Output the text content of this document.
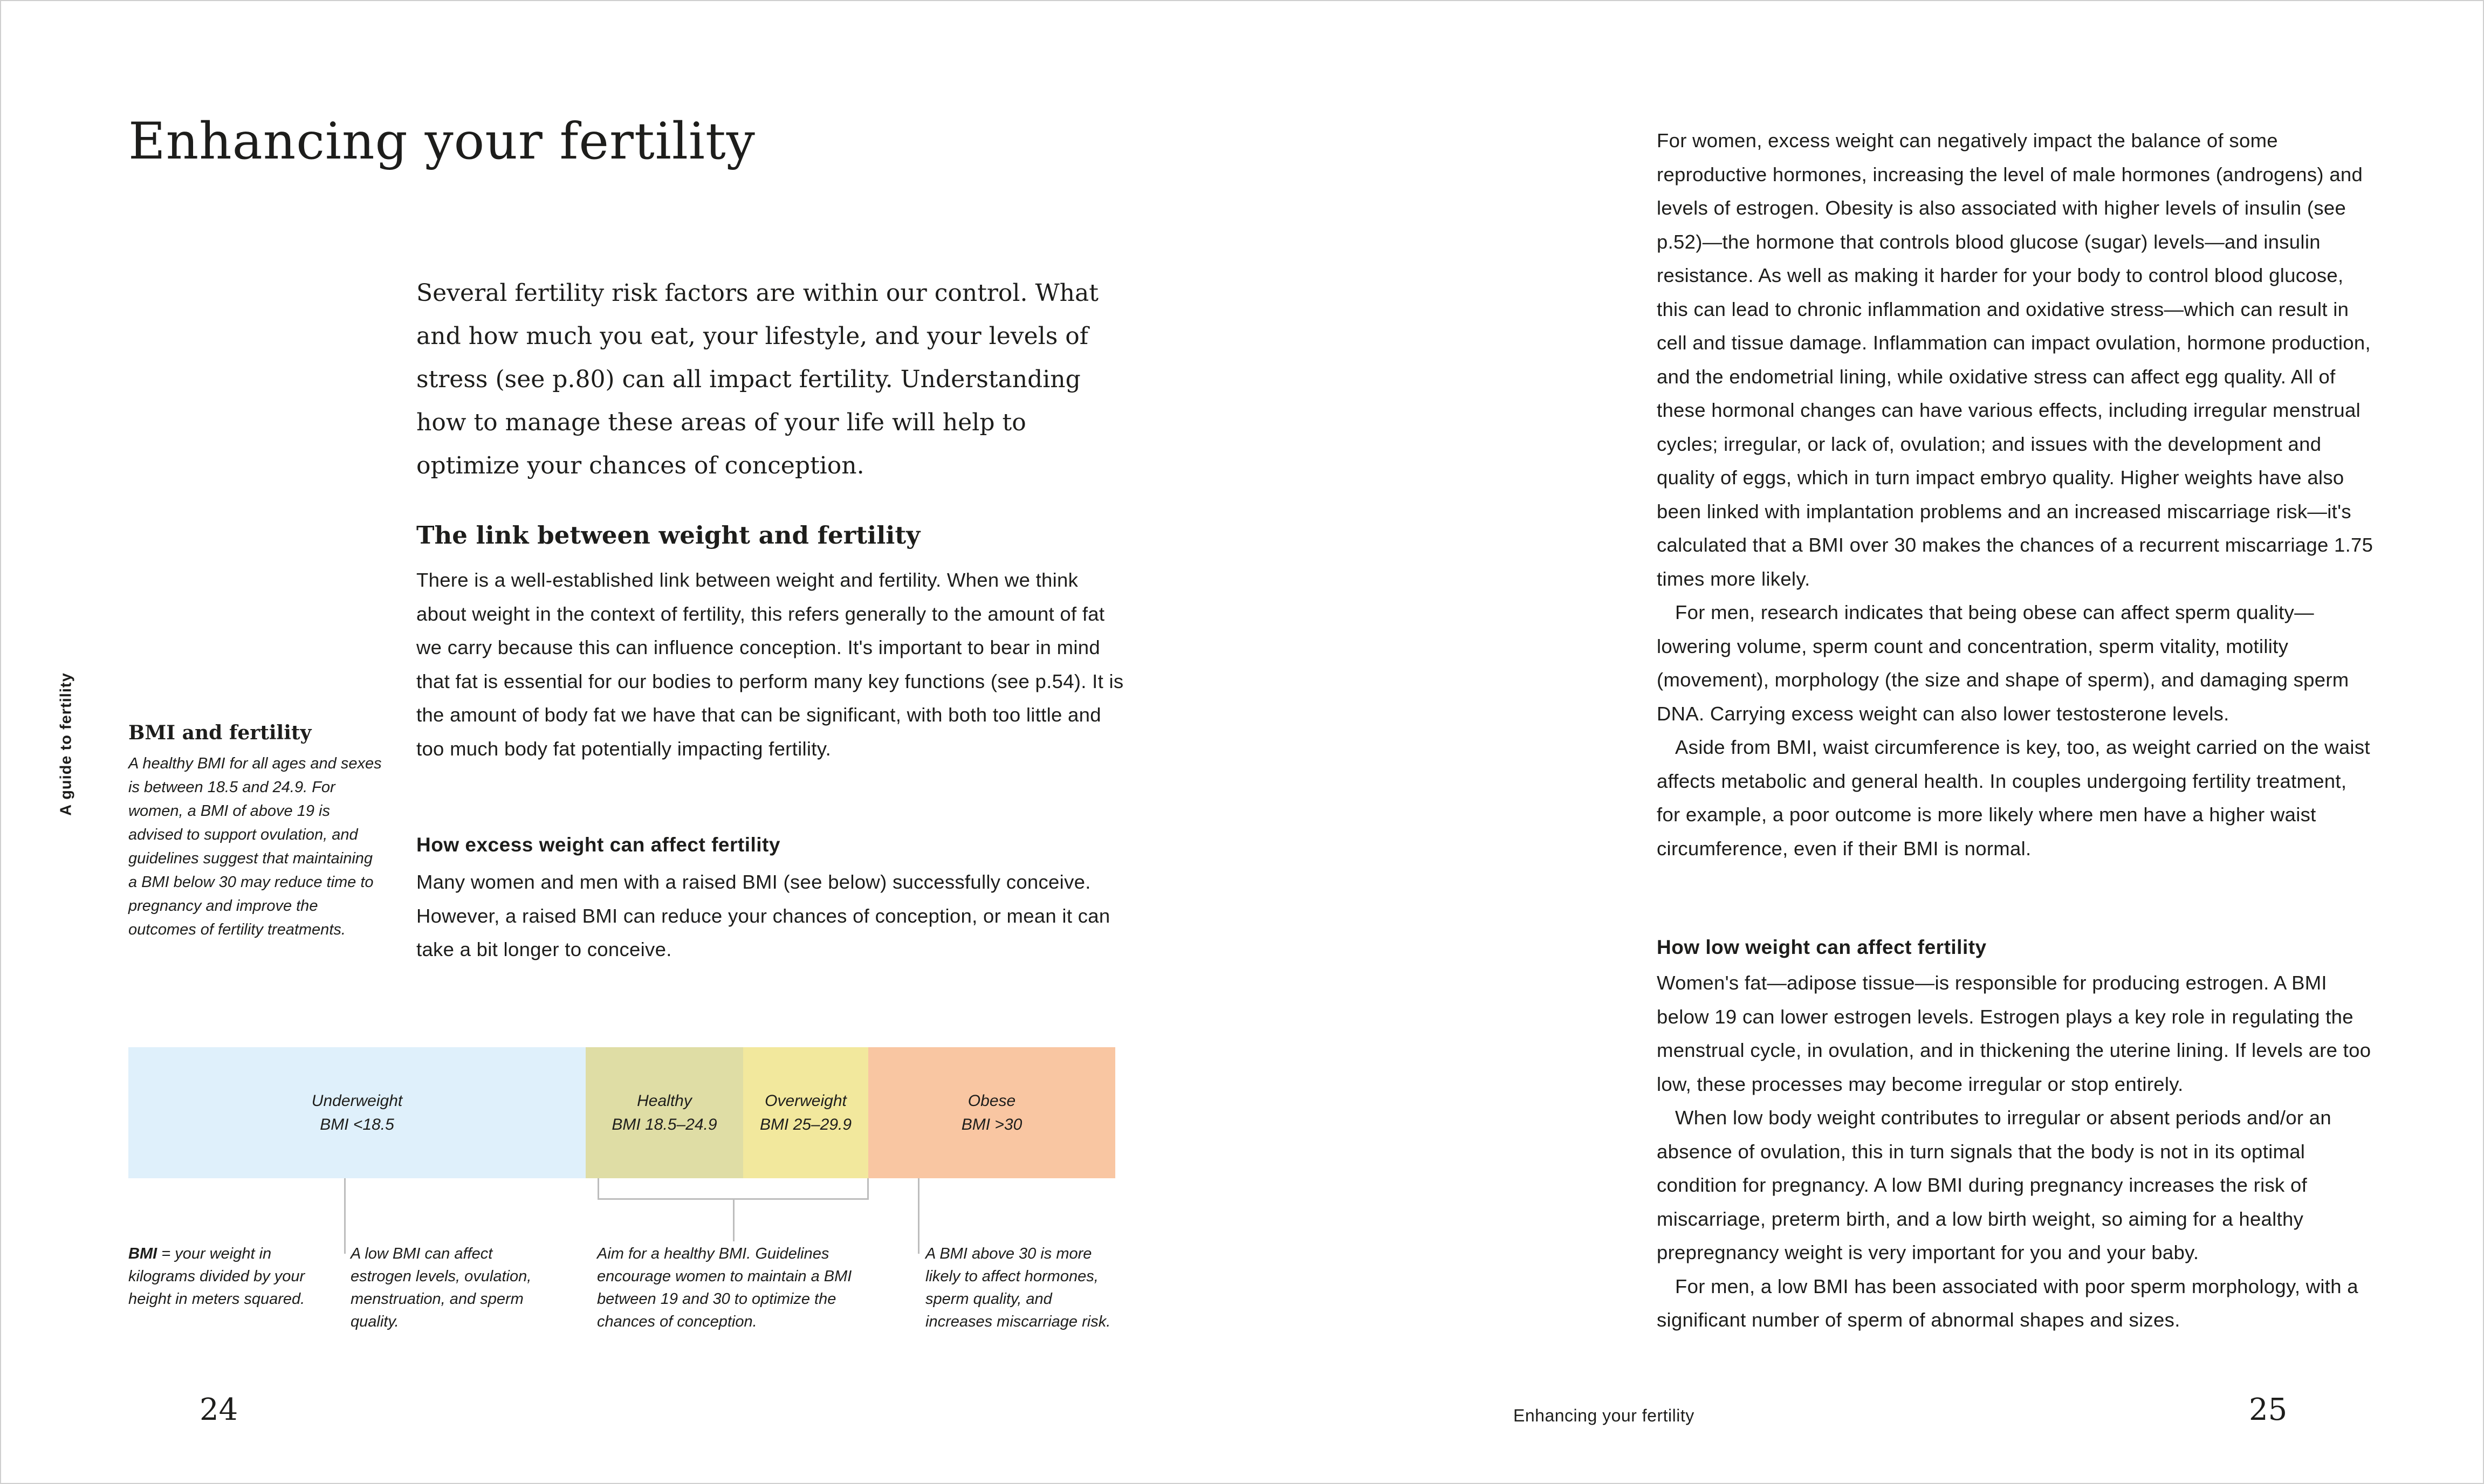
Enhancing your fertility

Several fertility risk factors are within our control. What and how much you eat, your lifestyle, and your levels of stress (see p.80) can all impact fertility. Understanding how to manage these areas of your life will help to optimize your chances of conception.

The link between weight and fertility

There is a well-established link between weight and fertility. When we think about weight in the context of fertility, this refers generally to the amount of fat we carry because this can influence conception. It's important to bear in mind that fat is essential for our bodies to perform many key functions (see p.54). It is the amount of body fat we have that can be significant, with both too little and too much body fat potentially impacting fertility.

How excess weight can affect fertility

Many women and men with a raised BMI (see below) successfully conceive. However, a raised BMI can reduce your chances of conception, or mean it can take a bit longer to conceive.

A guide to fertility	BMI and fertility

A healthy BMI for all ages and sexes is between 18.5 and 24.9. For women, a BMI of above 19 is advised to support ovulation, and guidelines suggest that maintaining a BMI below 30 may reduce time to pregnancy and improve the outcomes of fertility treatments.

Underweight
BMI <18.5
Healthy
BMI 18.5–24.9
Overweight
BMI 25–29.9
Obese
BMI >30

BMI = your weight in kilograms divided by your height in meters squared.

A low BMI can affect estrogen levels, ovulation, menstruation, and sperm quality.

Aim for a healthy BMI. Guidelines encourage women to maintain a BMI between 19 and 30 to optimize the chances of conception.

A BMI above 30 is more likely to affect hormones, sperm quality, and increases miscarriage risk.

24

For women, excess weight can negatively impact the balance of some reproductive hormones, increasing the level of male hormones (androgens) and levels of estrogen. Obesity is also associated with higher levels of insulin (see p.52)—the hormone that controls blood glucose (sugar) levels—and insulin resistance. As well as making it harder for your body to control blood glucose, this can lead to chronic inflammation and oxidative stress—which can result in cell and tissue damage. Inflammation can impact ovulation, hormone production, and the endometrial lining, while oxidative stress can affect egg quality. All of these hormonal changes can have various effects, including irregular menstrual cycles; irregular, or lack of, ovulation; and issues with the development and quality of eggs, which in turn impact embryo quality. Higher weights have also been linked with implantation problems and an increased miscarriage risk—it's calculated that a BMI over 30 makes the chances of a recurrent miscarriage 1.75 times more likely.
For men, research indicates that being obese can affect sperm quality—lowering volume, sperm count and concentration, sperm vitality, motility (movement), morphology (the size and shape of sperm), and damaging sperm DNA. Carrying excess weight can also lower testosterone levels.
Aside from BMI, waist circumference is key, too, as weight carried on the waist affects metabolic and general health. In couples undergoing fertility treatment, for example, a poor outcome is more likely where men have a higher waist circumference, even if their BMI is normal.
How low weight can affect fertility
Women's fat—adipose tissue—is responsible for producing estrogen. A BMI below 19 can lower estrogen levels. Estrogen plays a key role in regulating the menstrual cycle, in ovulation, and in thickening the uterine lining. If levels are too low, these processes may become irregular or stop entirely.
When low body weight contributes to irregular or absent periods and/or an absence of ovulation, this in turn signals that the body is not in its optimal condition for pregnancy. A low BMI during pregnancy increases the risk of miscarriage, preterm birth, and a low birth weight, so aiming for a healthy prepregnancy weight is very important for you and your baby.
For men, a low BMI has been associated with poor sperm morphology, with a significant number of sperm of abnormal shapes and sizes.

Enhancing your fertility	25
